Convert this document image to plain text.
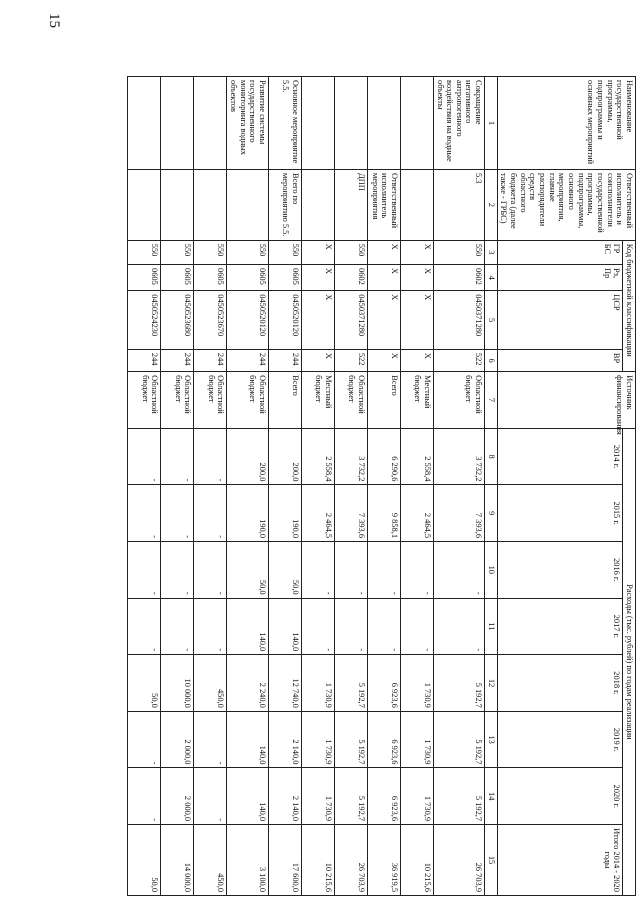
15
Наименование государственной программы, подпрограммы и основных мероприятий	Ответственный исполнитель и соисполнители государственной программы, подпрограммы, основного мероприятия, главные распорядители средств областного бюджета (далее также - ГРБС)	Код бюджетной классификации				Источник финансирования	Расходы (тыс. рублей) по годам реализации							
		ГР БС	Рз, Пр	ЦСР	ВР		2014 г.	2015 г.	2016 г.	2017 г.	2018 г.	2019 г.	2020 г.	Итого 2014 - 2020 годы

1	2	3	4	5	6	7	8	9	10	11	12	13	14	15
Сокращение негативного антропогенного воздействия на водные объекты	5.3	550	0602	0450371280	522	Областной бюджет	3 732,2	7 393,6	-	-	5 192,7	5 192,7	5 192,7	26 703,9
		X	X	X	X	Местный бюджет	2 558,4	2 464,5	-	-	1 730,9	1 730,9	1 730,9	10 215,6
	Ответственный исполнитель мероприятия	X	X	X	X	Всего	6 290,6	9 858,1	-	-	6 923,6	6 923,6	6 923,6	36 919,5
	ДПП	550	0602	0450371280	522	Областной бюджет	3 732,2	7 393,6	-	-	5 192,7	5 192,7	5 192,7	26 703,9
		X	X	X	X	Местный бюджет	2 558,4	2 464,5	-	-	1 730,9	1 730,9	1 730,9	10 215,6
Основное мероприятие 5.5.	Всего по мероприятию 5.5.	550	0605	0450520120	244	Всего	200,0	190,0	50,0	140,0	12 740,0	2 140,0	2 140,0	17 600,0
Развитие системы государственного мониторинга водных объектов		550	0605	0450520120	244	Областной бюджет	200,0	190,0	50,0	140,0	2 240,0	140,0	140,0	3 100,0
		550	0605	0450523670	244	Областной бюджет	-	-	-	-	450,0	-	-	450,0
		550	0605	0450523680	244	Областной бюджет	-	-	-	-	10 000,0	2 000,0	2 000,0	14 000,0
		550	0605	0450524230	244	Областной бюджет	-	-	-	-	50,0	-	-	50,0
